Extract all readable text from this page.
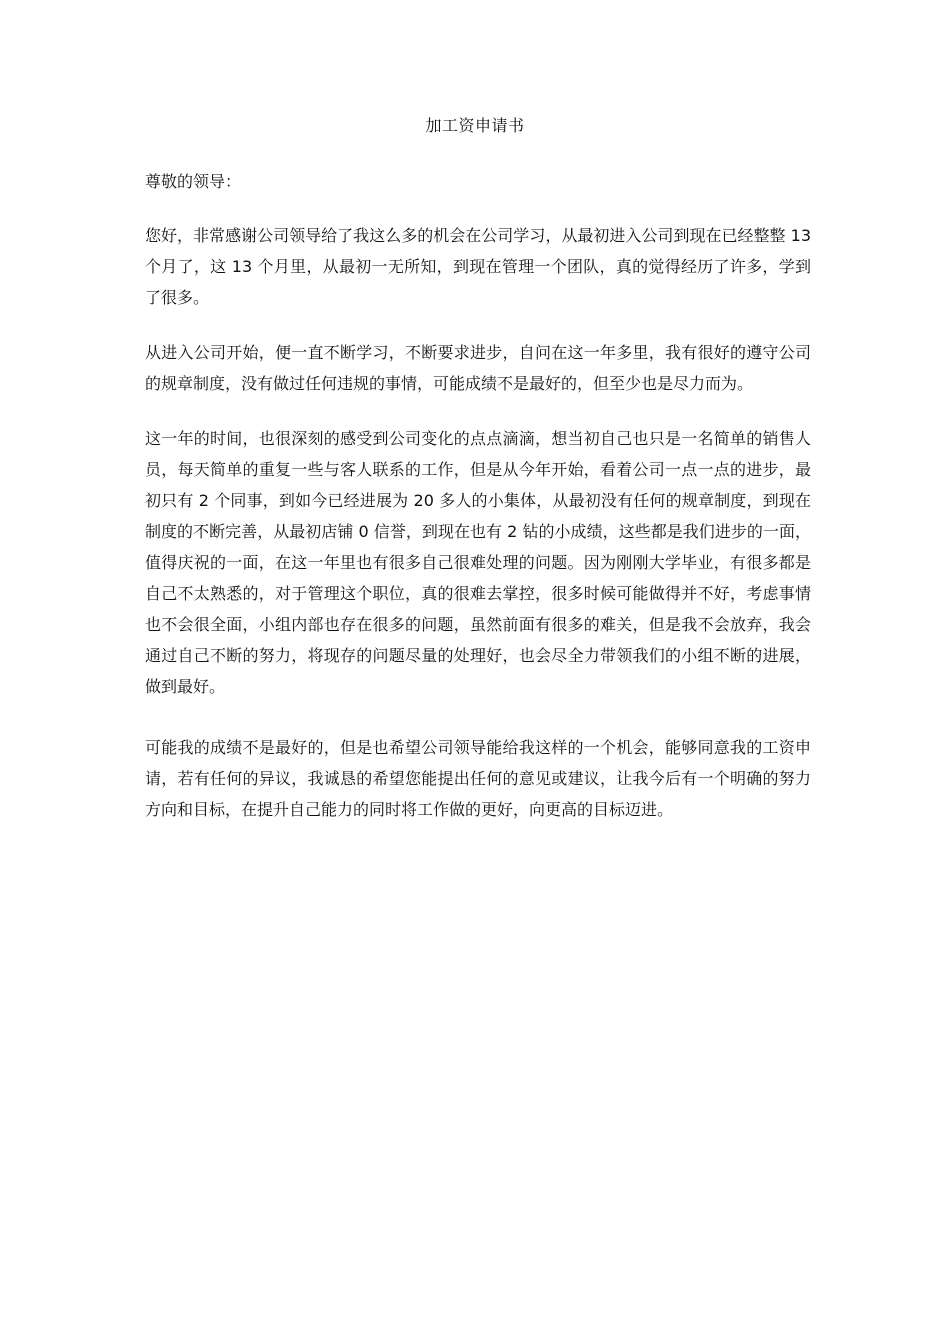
加工资申请书
尊敬的领导：

您好，非常感谢公司领导给了我这么多的机会在公司学习，从最初进入公司到现在已经整整 13 个月了，这 13 个月里，从最初一无所知，到现在管理一个团队，真的觉得经历了许多，学到了很多。

从进入公司开始，便一直不断学习，不断要求进步，自问在这一年多里，我有很好的遵守公司的规章制度，没有做过任何违规的事情，可能成绩不是最好的，但至少也是尽力而为。

这一年的时间，也很深刻的感受到公司变化的点点滴滴，想当初自己也只是一名简单的销售人员，每天简单的重复一些与客人联系的工作，但是从今年开始，看着公司一点一点的进步，最初只有 2 个同事，到如今已经进展为 20 多人的小集体，从最初没有任何的规章制度，到现在制度的不断完善，从最初店铺 0 信誉，到现在也有 2 钻的小成绩，这些都是我们进步的一面，值得庆祝的一面，在这一年里也有很多自己很难处理的问题。因为刚刚大学毕业，有很多都是自己不太熟悉的，对于管理这个职位，真的很难去掌控，很多时候可能做得并不好，考虑事情也不会很全面，小组内部也存在很多的问题，虽然前面有很多的难关，但是我不会放弃，我会通过自己不断的努力，将现存的问题尽量的处理好，也会尽全力带领我们的小组不断的进展，做到最好。

可能我的成绩不是最好的，但是也希望公司领导能给我这样的一个机会，能够同意我的工资申请，若有任何的异议，我诚恳的希望您能提出任何的意见或建议，让我今后有一个明确的努力方向和目标，在提升自己能力的同时将工作做的更好，向更高的目标迈进。
